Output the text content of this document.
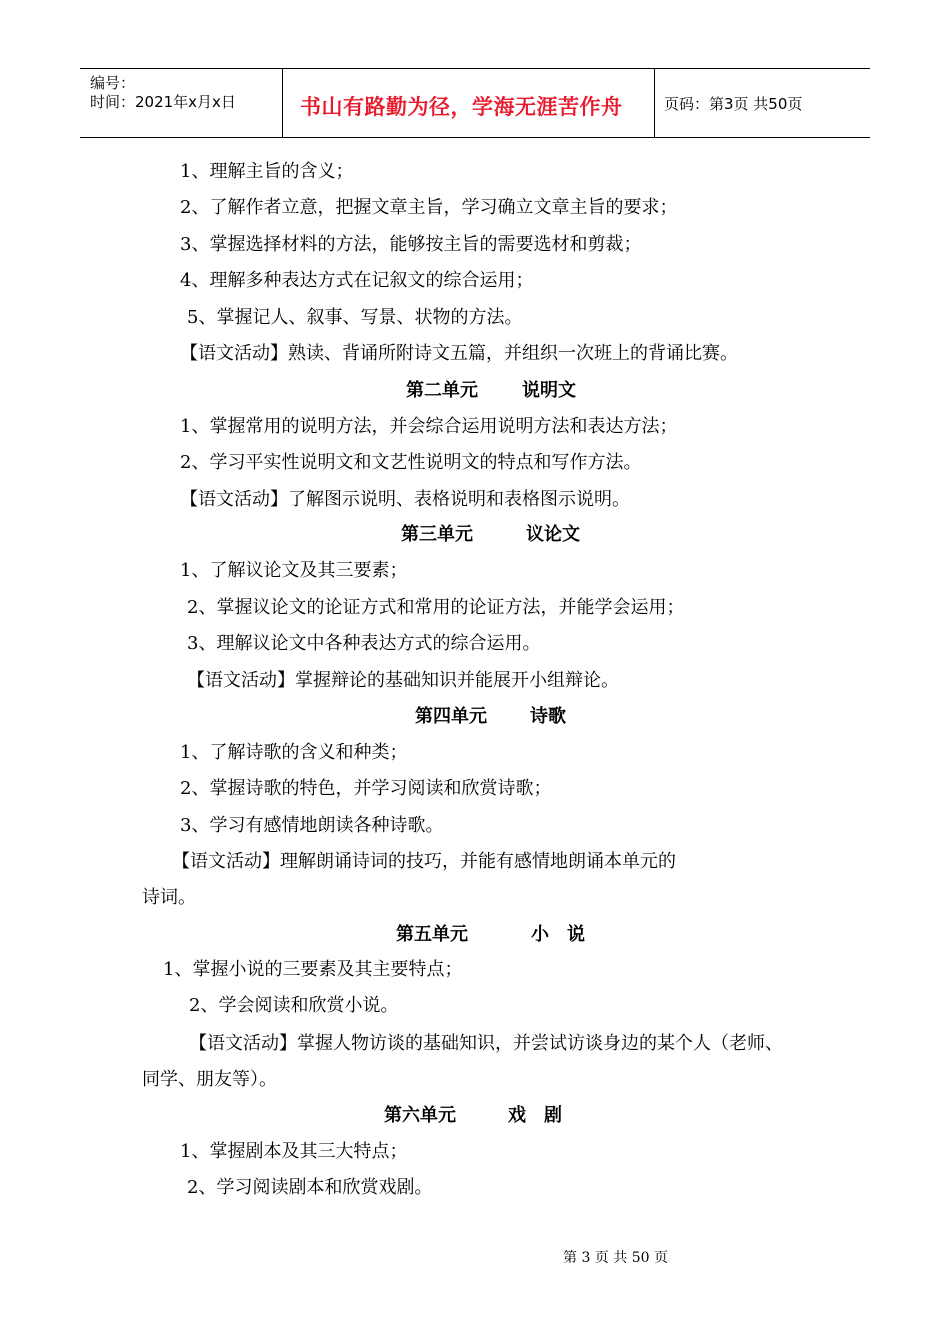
编号：
时间：2021年x月x日	书山有路勤为径，学海无涯苦作舟	页码：第3页 共50页
1、理解主旨的含义；
2、了解作者立意，把握文章主旨，学习确立文章主旨的要求；
3、掌握选择材料的方法，能够按主旨的需要选材和剪裁；
4、理解多种表达方式在记叙文的综合运用；
5、掌握记人、叙事、写景、状物的方法。
【语文活动】熟读、背诵所附诗文五篇，并组织一次班上的背诵比赛。
第二单元 说明文
1、掌握常用的说明方法，并会综合运用说明方法和表达方法；
2、学习平实性说明文和文艺性说明文的特点和写作方法。
【语文活动】了解图示说明、表格说明和表格图示说明。
第三单元	议论文
1、了解议论文及其三要素；
2、掌握议论文的论证方式和常用的论证方法，并能学会运用；
3、理解议论文中各种表达方式的综合运用。
【语文活动】掌握辩论的基础知识并能展开小组辩论。
第四单元 诗歌
1、了解诗歌的含义和种类；
2、掌握诗歌的特色，并学习阅读和欣赏诗歌；
3、学习有感情地朗读各种诗歌。
【语文活动】理解朗诵诗词的技巧，并能有感情地朗诵本单元的
诗词。
第五单元	小　说
1、掌握小说的三要素及其主要特点；
2、学会阅读和欣赏小说。
【语文活动】掌握人物访谈的基础知识，并尝试访谈身边的某个人（老师、
同学、朋友等）。
第六单元	戏　剧
1、掌握剧本及其三大特点；
2、学习阅读剧本和欣赏戏剧。
第 3 页 共 50 页
